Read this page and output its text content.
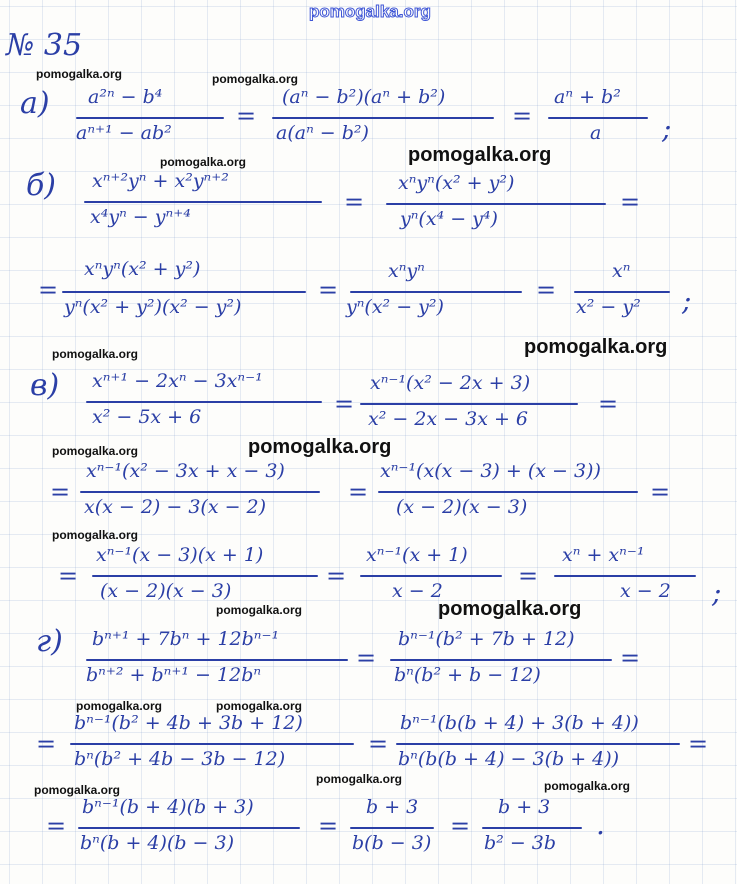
pomogalka.org
№ 35
а) a²ⁿ − b⁴
aⁿ⁺¹ − ab²
=
(aⁿ − b²)(aⁿ + b²)
a(aⁿ − b²)
=
aⁿ + b²
a ;
б) xⁿ⁺²yⁿ + x²yⁿ⁺²
x⁴yⁿ − yⁿ⁺⁴
=
xⁿyⁿ(x² + y²)
yⁿ(x⁴ − y⁴)
=
=
xⁿyⁿ(x² + y²)
yⁿ(x² + y²)(x² − y²)
=
xⁿyⁿ
yⁿ(x² − y²)
=
xⁿ
x² − y² ;
в) xⁿ⁺¹ − 2xⁿ − 3xⁿ⁻¹
x² − 5x + 6	=
xⁿ⁻¹(x² − 2x + 3)
x² − 2x − 3x + 6
=
=
xⁿ⁻¹(x² − 3x + x − 3)
x(x − 2) − 3(x − 2)
=
xⁿ⁻¹(x(x − 3) + (x − 3))
(x − 2)(x − 3)
=
=
xⁿ⁻¹(x − 3)(x + 1)
(x − 2)(x − 3)
=
xⁿ⁻¹(x + 1)
x − 2
=
xⁿ + xⁿ⁻¹
x − 2 ;
г) bⁿ⁺¹ + 7bⁿ + 12bⁿ⁻¹
bⁿ⁺² + bⁿ⁺¹ − 12bⁿ
=
bⁿ⁻¹(b² + 7b + 12)
bⁿ(b² + b − 12)
=
=
bⁿ⁻¹(b² + 4b + 3b + 12)
bⁿ(b² + 4b − 3b − 12)
=
bⁿ⁻¹(b(b + 4) + 3(b + 4))
bⁿ(b(b + 4) − 3(b + 4))
=
=
bⁿ⁻¹(b + 4)(b + 3)
bⁿ(b + 4)(b − 3)
=
b + 3
b(b − 3)
=
b + 3
b² − 3b
.
pomogalka.org	pomogalka.org
pomogalka.org	pomogalka.org
pomogalka.org
pomogalka.org
pomogalka.org
pomogalka.org
pomogalka.org
pomogalka.org	pomogalka.org
pomogalka.org	pomogalka.org
pomogalka.org
pomogalka.org	pomogalka.org
